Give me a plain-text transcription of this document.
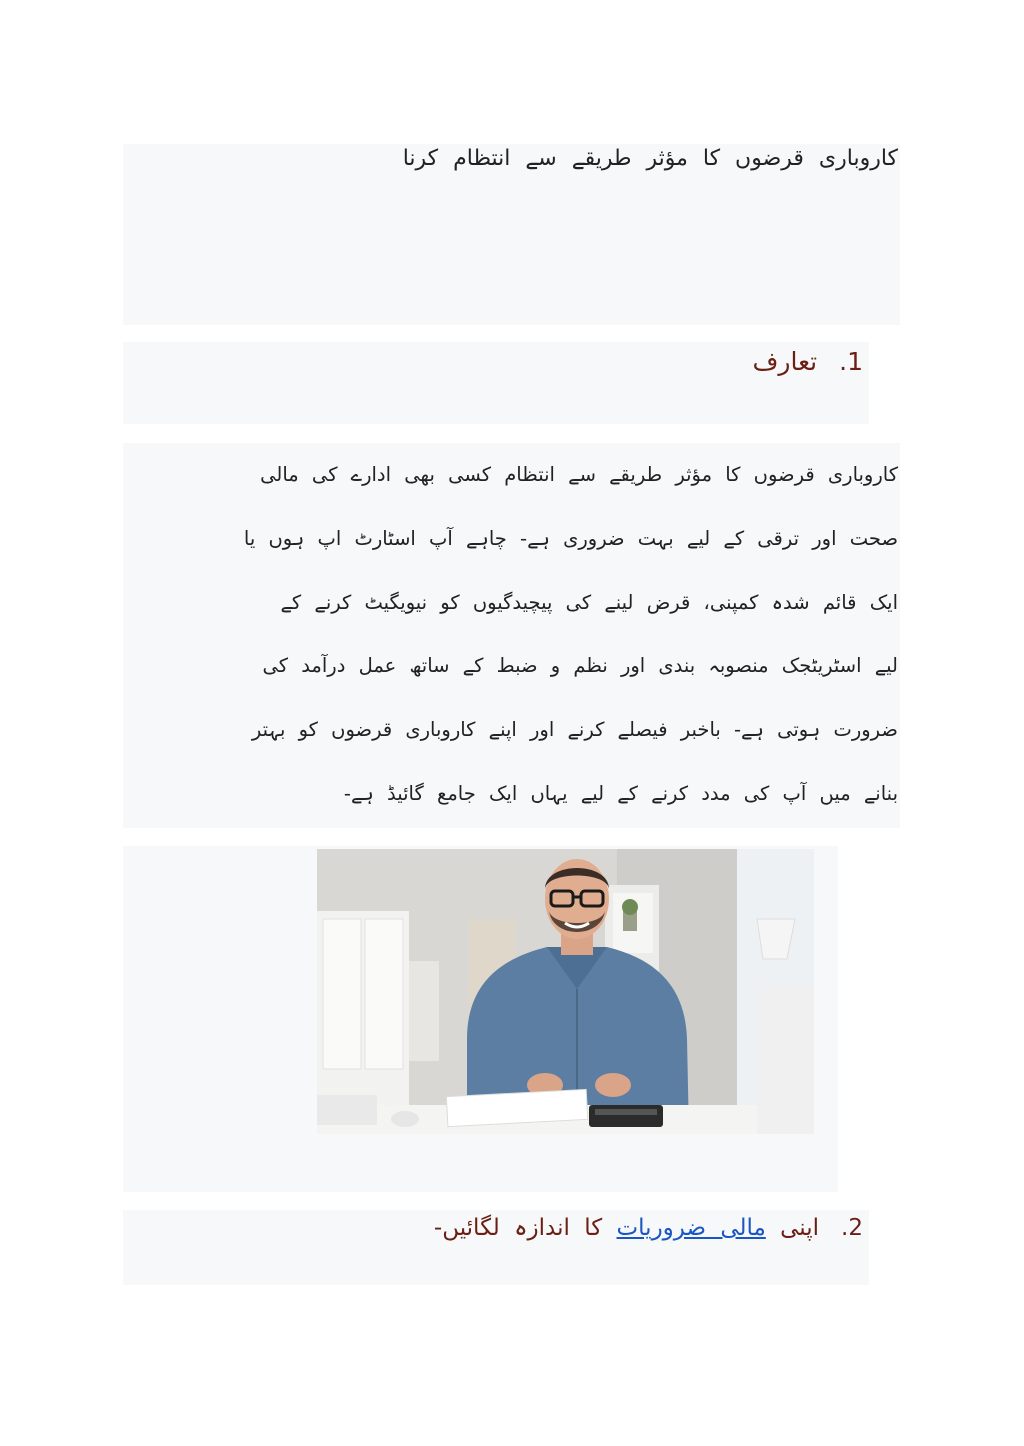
کاروباری قرضوں کا مؤثر طریقے سے انتظام کرنا
1.تعارف

کاروباری قرضوں کا مؤثر طریقے سے انتظام کسی بھی ادارے کی مالی
صحت اور ترقی کے لیے بہت ضروری ہے- چاہے آپ اسٹارٹ اپ ہوں یا
ایک قائم شدہ کمپنی، قرض لینے کی پیچیدگیوں کو نیویگیٹ کرنے کے
لیے اسٹریٹجک منصوبہ بندی اور نظم و ضبط کے ساتھ عمل درآمد کی
ضرورت ہوتی ہے- باخبر فیصلے کرنے اور اپنے کاروباری قرضوں کو بہتر
بنانے میں آپ کی مدد کرنے کے لیے یہاں ایک جامع گائیڈ ہے-

2.اپنی مالی ضروریات کا اندازہ لگائیں-
